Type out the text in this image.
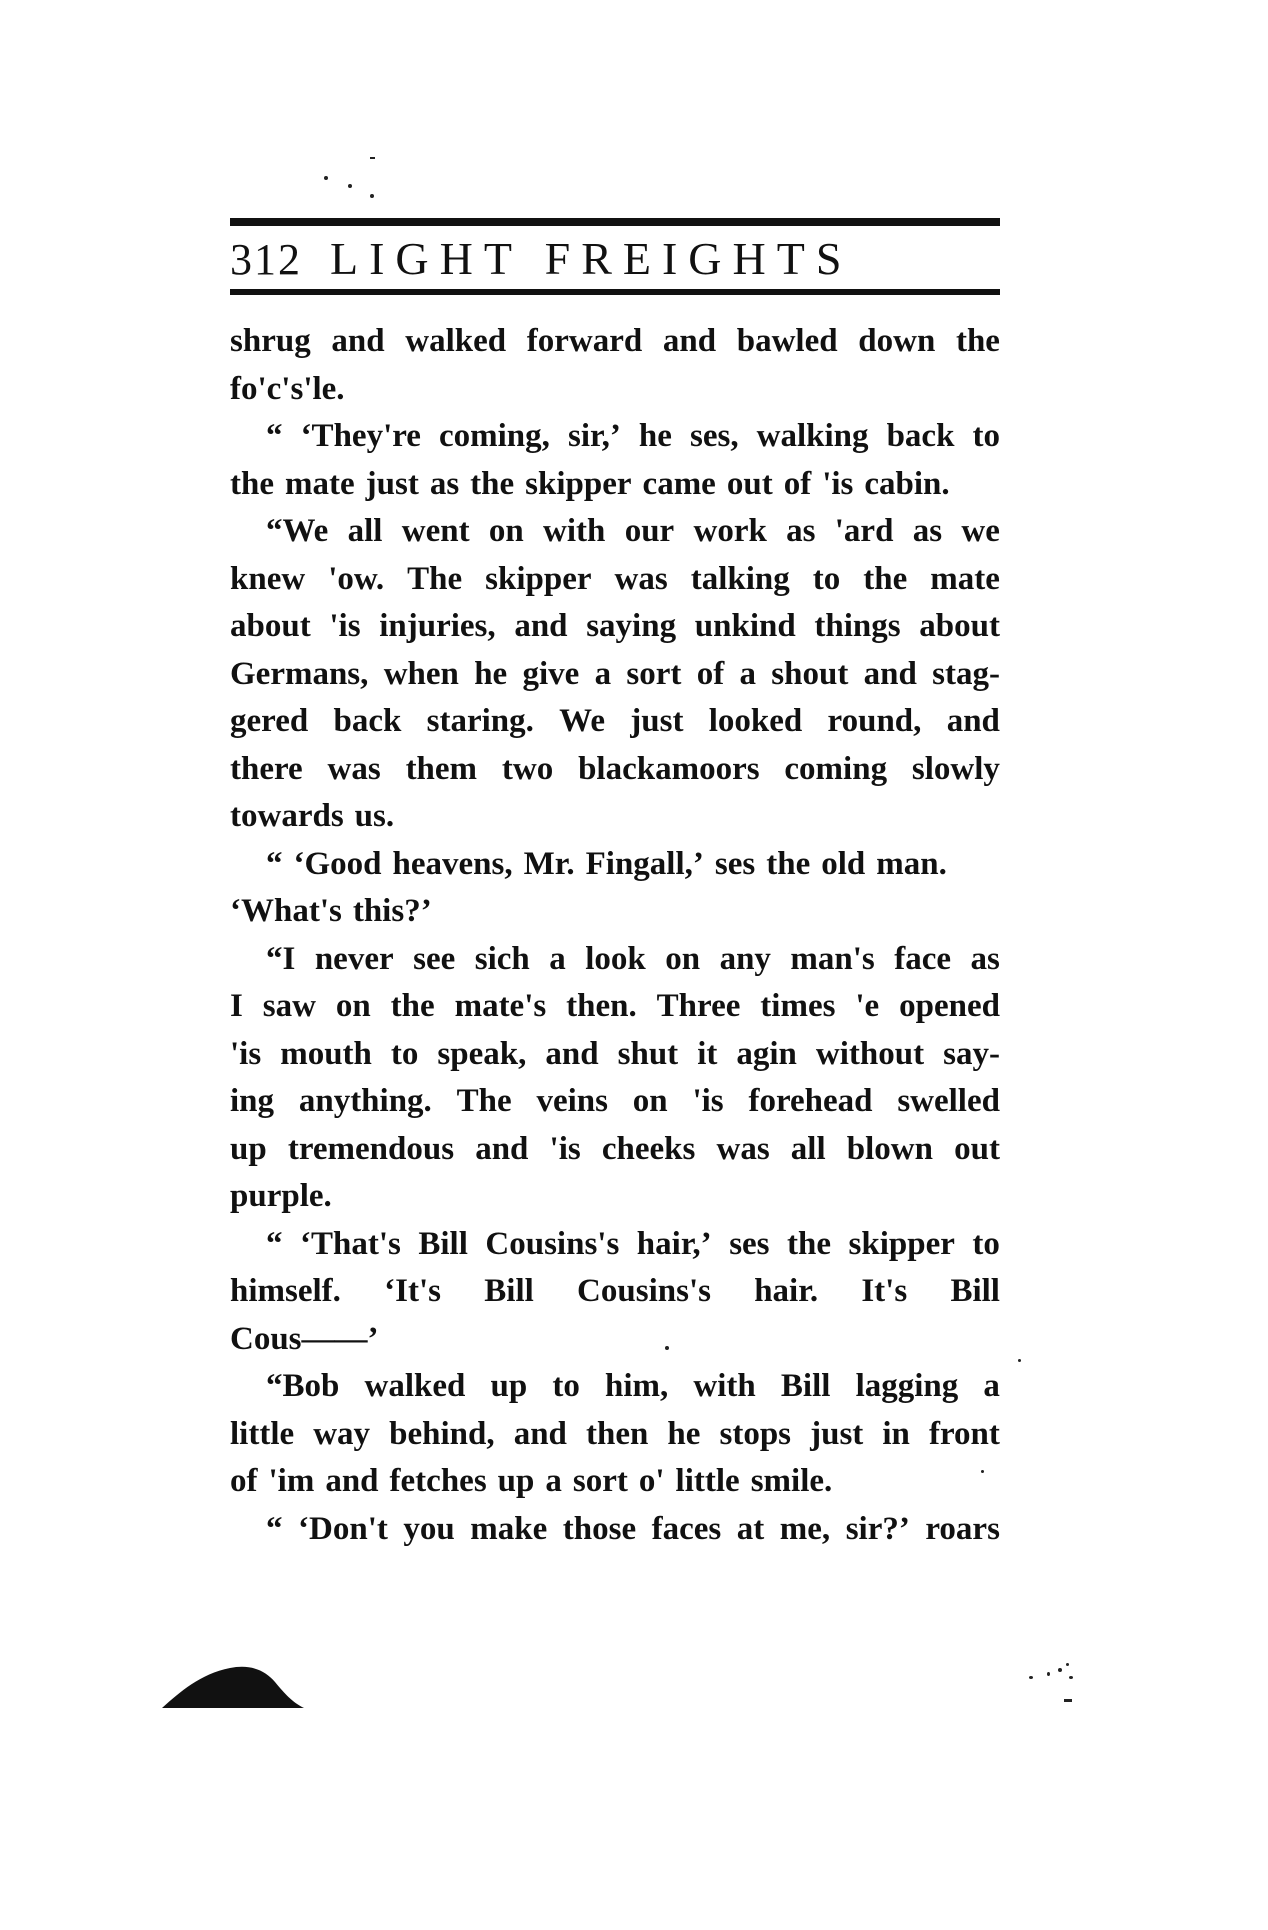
312 LIGHT FREIGHTS
shrug and walked forward and bawled down the
fo'c's'le.
“ ‘They're coming, sir,’ he ses, walking back to
the mate just as the skipper came out of 'is cabin.
“We all went on with our work as 'ard as we
knew 'ow. The skipper was talking to the mate
about 'is injuries, and saying unkind things about
Germans, when he give a sort of a shout and stag-
gered back staring. We just looked round, and
there was them two blackamoors coming slowly
towards us.
“ ‘Good heavens, Mr. Fingall,’ ses the old man.
‘What's this?’
“I never see sich a look on any man's face as
I saw on the mate's then. Three times 'e opened
'is mouth to speak, and shut it agin without say-
ing anything. The veins on 'is forehead swelled
up tremendous and 'is cheeks was all blown out
purple.
“ ‘That's Bill Cousins's hair,’ ses the skipper to
himself. ‘It's Bill Cousins's hair. It's Bill
Cous——’
“Bob walked up to him, with Bill lagging a
little way behind, and then he stops just in front
of 'im and fetches up a sort o' little smile.
“ ‘Don't you make those faces at me, sir?’ roars
